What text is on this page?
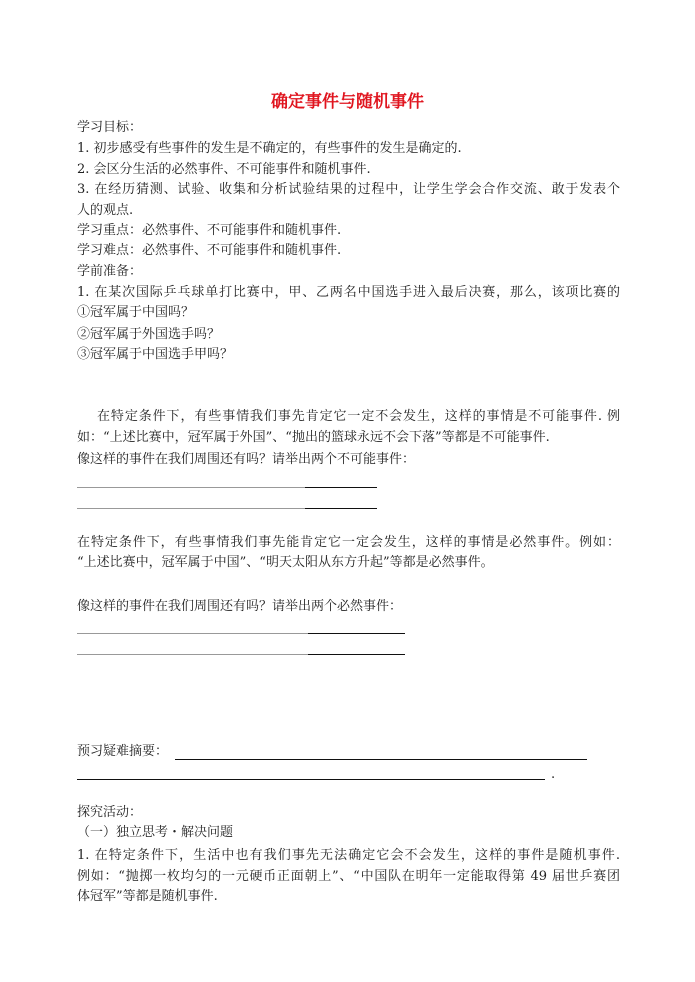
确定事件与随机事件
学习目标：
1. 初步感受有些事件的发生是不确定的，有些事件的发生是确定的.
2. 会区分生活的必然事件、不可能事件和随机事件.
3. 在经历猜测、试验、收集和分析试验结果的过程中，让学生学会合作交流、敢于发表个
人的观点.
学习重点：必然事件、不可能事件和随机事件.
学习难点：必然事件、不可能事件和随机事件.
学前准备：
1. 在某次国际乒乓球单打比赛中，甲、乙两名中国选手进入最后决赛，那么，该项比赛的
①冠军属于中国吗？
②冠军属于外国选手吗？
③冠军属于中国选手甲吗？
在特定条件下，有些事情我们事先肯定它一定不会发生，这样的事情是不可能事件. 例
如：“上述比赛中，冠军属于外国”、“抛出的篮球永远不会下落”等都是不可能事件.
像这样的事件在我们周围还有吗？请举出两个不可能事件：
在特定条件下，有些事情我们事先能肯定它一定会发生，这样的事情是必然事件。例如：
“上述比赛中，冠军属于中国”、“明天太阳从东方升起”等都是必然事件。
像这样的事件在我们周围还有吗？请举出两个必然事件：
预习疑难摘要：
.
探究活动：
（一）独立思考・解决问题
1. 在特定条件下，生活中也有我们事先无法确定它会不会发生，这样的事件是随机事件.
例如：“抛掷一枚均匀的一元硬币正面朝上”、“中国队在明年一定能取得第 49 届世乒赛团
体冠军”等都是随机事件.
